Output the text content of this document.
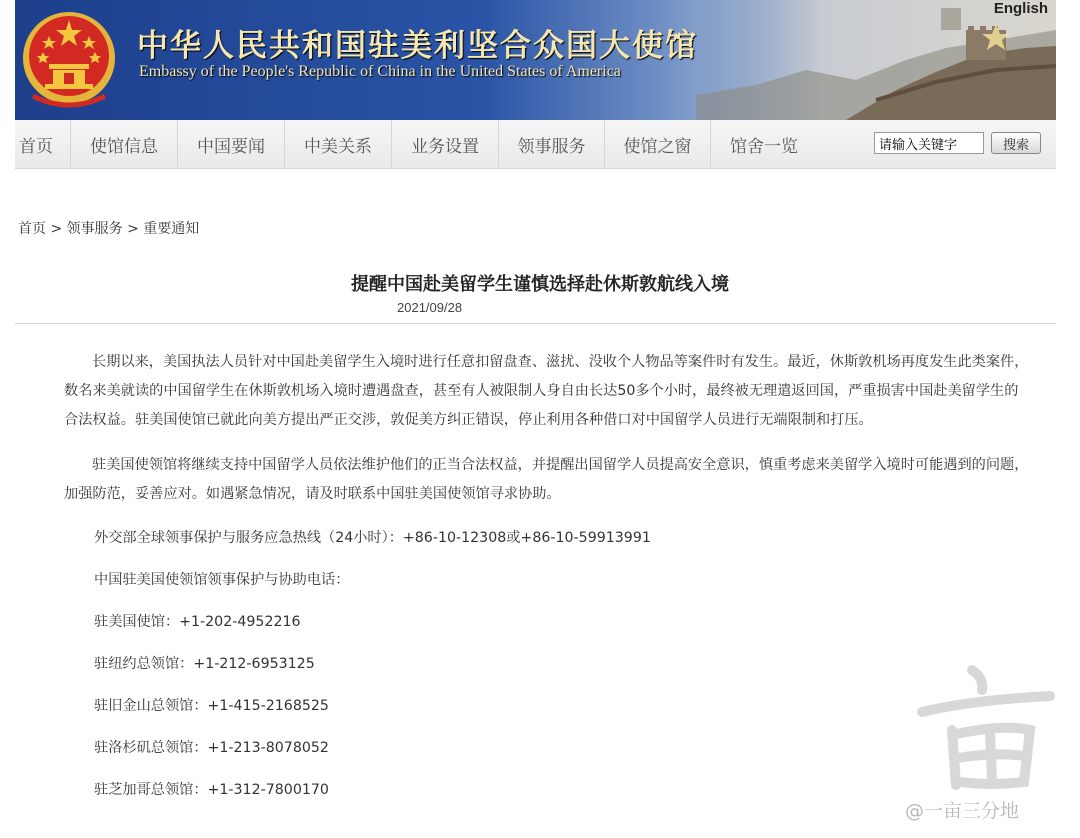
中华人民共和国驻美利坚合众国大使馆
Embassy of the People's Republic of China in the United States of America
English
首页	使馆信息	中国要闻	中美关系	业务设置	领事服务	使馆之窗	馆舍一览
请输入关键字	搜索
首页 > 领事服务 > 重要通知
提醒中国赴美留学生谨慎选择赴休斯敦航线入境
2021/09/28

长期以来，美国执法人员针对中国赴美留学生入境时进行任意扣留盘查、滋扰、没收个人物品等案件时有发生。最近，休斯敦机场再度发生此类案件，数名来美就读的中国留学生在休斯敦机场入境时遭遇盘查，甚至有人被限制人身自由长达50多个小时，最终被无理遣返回国，严重损害中国赴美留学生的合法权益。驻美国使馆已就此向美方提出严正交涉，敦促美方纠正错误，停止利用各种借口对中国留学人员进行无端限制和打压。

驻美国使领馆将继续支持中国留学人员依法维护他们的正当合法权益，并提醒出国留学人员提高安全意识，慎重考虑来美留学入境时可能遇到的问题，加强防范，妥善应对。如遇紧急情况，请及时联系中国驻美国使领馆寻求协助。

外交部全球领事保护与服务应急热线（24小时）：+86-10-12308或+86-10-59913991

中国驻美国使领馆领事保护与协助电话：

驻美国使馆：+1-202-4952216

驻纽约总领馆：+1-212-6953125

驻旧金山总领馆：+1-415-2168525

驻洛杉矶总领馆：+1-213-8078052

驻芝加哥总领馆：+1-312-7800170

@一亩三分地
